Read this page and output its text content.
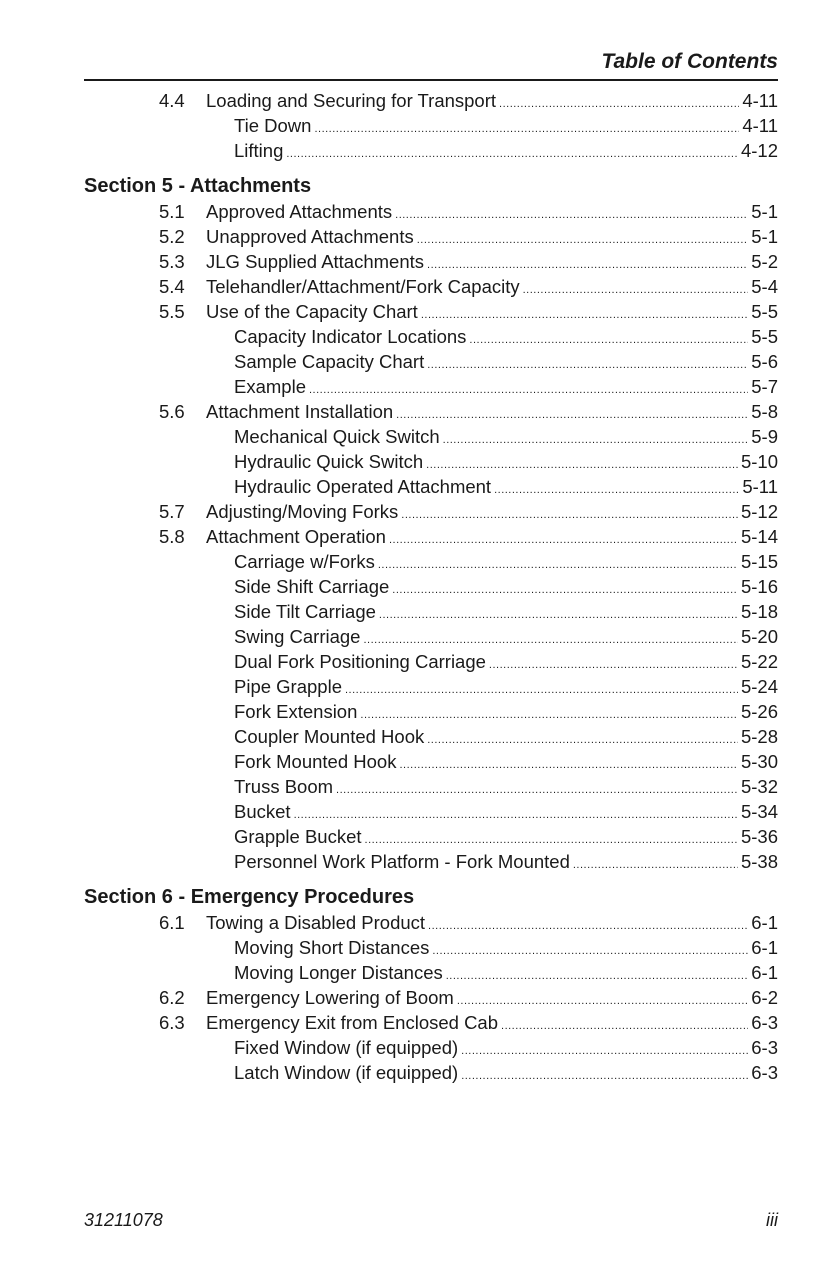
Table of Contents
4.4 Loading and Securing for Transport .....	4-11
Tie Down .....	4-11
Lifting .....	4-12
Section 5 - Attachments
5.1 Approved Attachments .....	5-1
5.2 Unapproved Attachments .....	5-1
5.3 JLG Supplied Attachments .....	5-2
5.4 Telehandler/Attachment/Fork Capacity .....	5-4
5.5 Use of the Capacity Chart .....	5-5
Capacity Indicator Locations .....	5-5
Sample Capacity Chart .....	5-6
Example .....	5-7
5.6 Attachment Installation .....	5-8
Mechanical Quick Switch .....	5-9
Hydraulic Quick Switch .....	5-10
Hydraulic Operated Attachment .....	5-11
5.7 Adjusting/Moving Forks .....	5-12
5.8 Attachment Operation .....	5-14
Carriage w/Forks .....	5-15
Side Shift Carriage .....	5-16
Side Tilt Carriage .....	5-18
Swing Carriage .....	5-20
Dual Fork Positioning Carriage .....	5-22
Pipe Grapple .....	5-24
Fork Extension .....	5-26
Coupler Mounted Hook .....	5-28
Fork Mounted Hook .....	5-30
Truss Boom .....	5-32
Bucket .....	5-34
Grapple Bucket .....	5-36
Personnel Work Platform - Fork Mounted .....	5-38
Section 6 - Emergency Procedures
6.1 Towing a Disabled Product .....	6-1
Moving Short Distances .....	6-1
Moving Longer Distances .....	6-1
6.2 Emergency Lowering of Boom .....	6-2
6.3 Emergency Exit from Enclosed Cab .....	6-3
Fixed Window (if equipped) .....	6-3
Latch Window (if equipped) .....	6-3
31211078	iii
